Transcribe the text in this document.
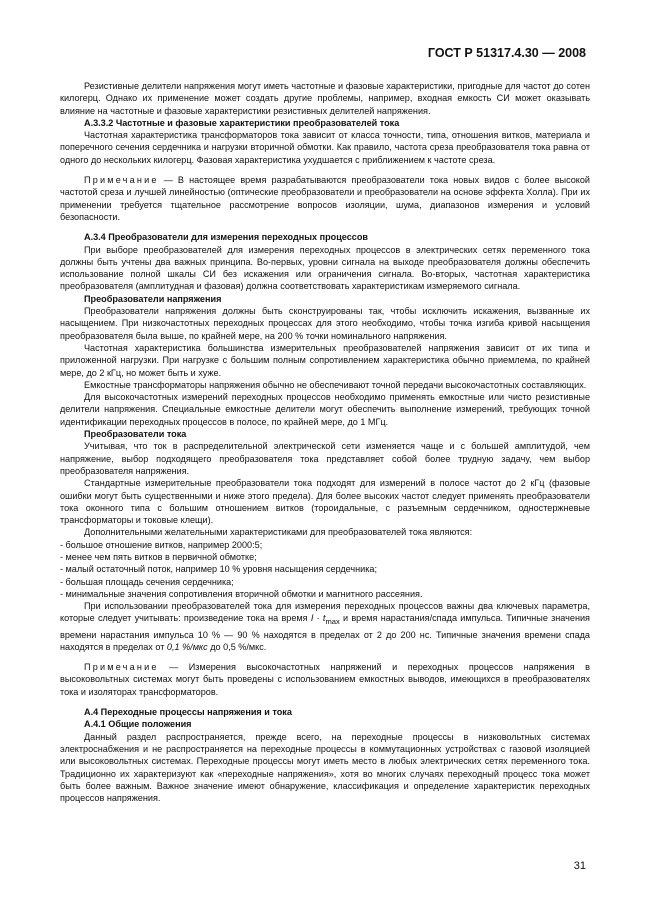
ГОСТ Р 51317.4.30 — 2008

Резистивные делители напряжения могут иметь частотные и фазовые характеристики, пригодные для частот до сотен килогерц. Однако их применение может создать другие проблемы, например, входная емкость СИ может оказывать влияние на частотные и фазовые характеристики резистивных делителей напряжения.

А.3.3.2 Частотные и фазовые характеристики преобразователей тока

Частотная характеристика трансформаторов тока зависит от класса точности, типа, отношения витков, материала и поперечного сечения сердечника и нагрузки вторичной обмотки. Как правило, частота среза преобразователя тока равна от одного до нескольких килогерц. Фазовая характеристика ухудшается с приближением к частоте среза.

Примечание — В настоящее время разрабатываются преобразователи тока новых видов с более высокой частотой среза и лучшей линейностью (оптические преобразователи и преобразователи на основе эффекта Холла). При их применении требуется тщательное рассмотрение вопросов изоляции, шума, диапазонов измерения и условий безопасности.

А.3.4 Преобразователи для измерения переходных процессов

При выборе преобразователей для измерения переходных процессов в электрических сетях переменного тока должны быть учтены два важных принципа. Во-первых, уровни сигнала на выходе преобразователя должны обеспечить использование полной шкалы СИ без искажения или ограничения сигнала. Во-вторых, частотная характеристика преобразователя (амплитудная и фазовая) должна соответствовать характеристикам измеряемого сигнала.

Преобразователи напряжения

Преобразователи напряжения должны быть сконструированы так, чтобы исключить искажения, вызванные их насыщением. При низкочастотных переходных процессах для этого необходимо, чтобы точка изгиба кривой насыщения преобразователя была выше, по крайней мере, на 200 % точки номинального напряжения.

Частотная характеристика большинства измерительных преобразователей напряжения зависит от их типа и приложенной нагрузки. При нагрузке с большим полным сопротивлением характеристика обычно приемлема, по крайней мере, до 2 кГц, но может быть и хуже.

Емкостные трансформаторы напряжения обычно не обеспечивают точной передачи высокочастотных составляющих.

Для высокочастотных измерений переходных процессов необходимо применять емкостные или чисто резистивные делители напряжения. Специальные емкостные делители могут обеспечить выполнение измерений, требующих точной идентификации переходных процессов в полосе, по крайней мере, до 1 МГц.

Преобразователи тока

Учитывая, что ток в распределительной электрической сети изменяется чаще и с большей амплитудой, чем напряжение, выбор подходящего преобразователя тока представляет собой более трудную задачу, чем выбор преобразователя напряжения.

Стандартные измерительные преобразователи тока подходят для измерений в полосе частот до 2 кГц (фазовые ошибки могут быть существенными и ниже этого предела). Для более высоких частот следует применять преобразователи тока оконного типа с большим отношением витков (тороидальные, с разъемным сердечником, одностержневые трансформаторы и токовые клещи).

Дополнительными желательными характеристиками для преобразователей тока являются:

- большое отношение витков, например 2000:5;

- менее чем пять витков в первичной обмотке;

- малый остаточный поток, например 10 % уровня насыщения сердечника;

- большая площадь сечения сердечника;

- минимальные значения сопротивления вторичной обмотки и магнитного рассеяния.

При использовании преобразователей тока для измерения переходных процессов важны два ключевых параметра, которые следует учитывать: произведение тока на время $I \cdot t_{max}$ и время нарастания/спада импульса. Типичные значения времени нарастания импульса 10 % — 90 % находятся в пределах от 2 до 200 нс. Типичные значения времени спада находятся в пределах от 0,1 %/мкс до 0,5 %/мкс.

Примечание — Измерения высокочастотных напряжений и переходных процессов напряжения в высоковольтных системах могут быть проведены с использованием емкостных выводов, имеющихся в преобразователях тока и изоляторах трансформаторов.

А.4 Переходные процессы напряжения и тока

А.4.1 Общие положения

Данный раздел распространяется, прежде всего, на переходные процессы в низковольтных системах электроснабжения и не распространяется на переходные процессы в коммутационных устройствах с газовой изоляцией или высоковольтных системах. Переходные процессы могут иметь место в любых электрических сетях переменного тока. Традиционно их характеризуют как «переходные напряжения», хотя во многих случаях переходный процесс тока может быть более важным. Важное значение имеют обнаружение, классификация и определение характеристик переходных процессов напряжения.

31
